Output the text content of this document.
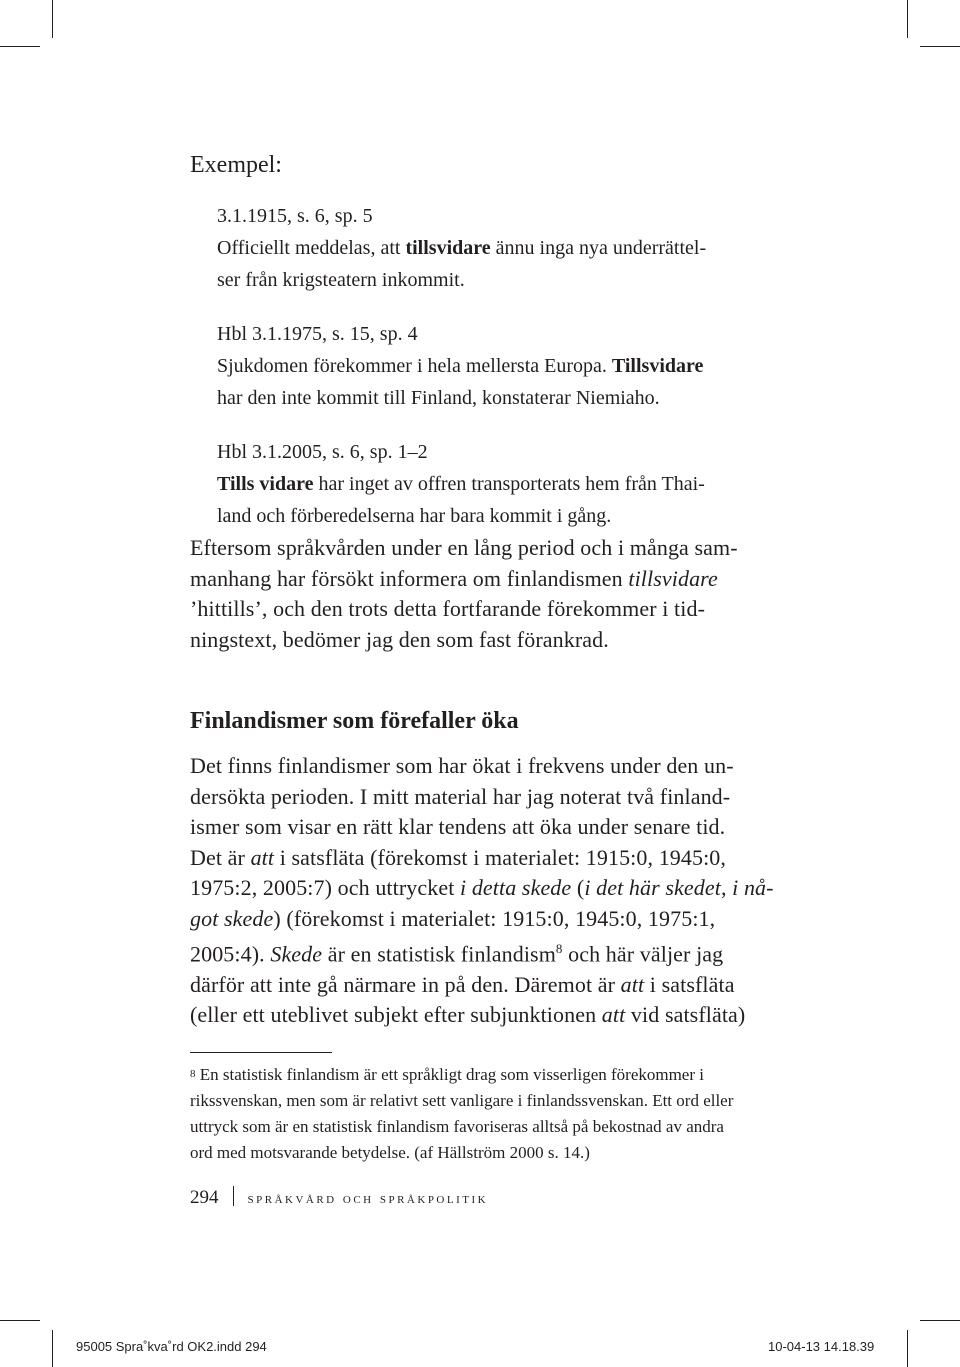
Exempel:

3.1.1915, s. 6, sp. 5

Officiellt meddelas, att tillsvidare ännu inga nya underrättel-

ser från krigsteatern inkommit.

Hbl 3.1.1975, s. 15, sp. 4

Sjukdomen förekommer i hela mellersta Europa. Tillsvidare

har den inte kommit till Finland, konstaterar Niemiaho.

Hbl 3.1.2005, s. 6, sp. 1–2

Tills vidare har inget av offren transporterats hem från Thai-

land och förberedelserna har bara kommit i gång.

Eftersom språkvården under en lång period och i många sam-
manhang har försökt informera om finlandismen tillsvidare
’hittills’, och den trots detta fortfarande förekommer i tid-
ningstext, bedömer jag den som fast förankrad.
Finlandismer som förefaller öka
Det finns finlandismer som har ökat i frekvens under den un-
dersökta perioden. I mitt material har jag noterat två finland-
ismer som visar en rätt klar tendens att öka under senare tid.
Det är att i satsfläta (förekomst i materialet: 1915:0, 1945:0,
1975:2, 2005:7) och uttrycket i detta skede (i det här skedet, i nå-
got skede) (förekomst i materialet: 1915:0, 1945:0, 1975:1,
2005:4). Skede är en statistisk finlandism$^8$ och här väljer jag
därför att inte gå närmare in på den. Däremot är att i satsfläta
(eller ett uteblivet subjekt efter subjunktionen att vid satsfläta)
$^8$ En statistisk finlandism är ett språkligt drag som visserligen förekommer i
rikssvenskan, men som är relativt sett vanligare i finlandssvenskan. Ett ord eller
uttryck som är en statistisk finlandism favoriseras alltså på bekostnad av andra
ord med motsvarande betydelse. (af Hällström 2000 s. 14.)
294 språkvård och språkpolitik
95005 Spra˚kva˚rd OK2.indd 294	10-04-13 14.18.39
